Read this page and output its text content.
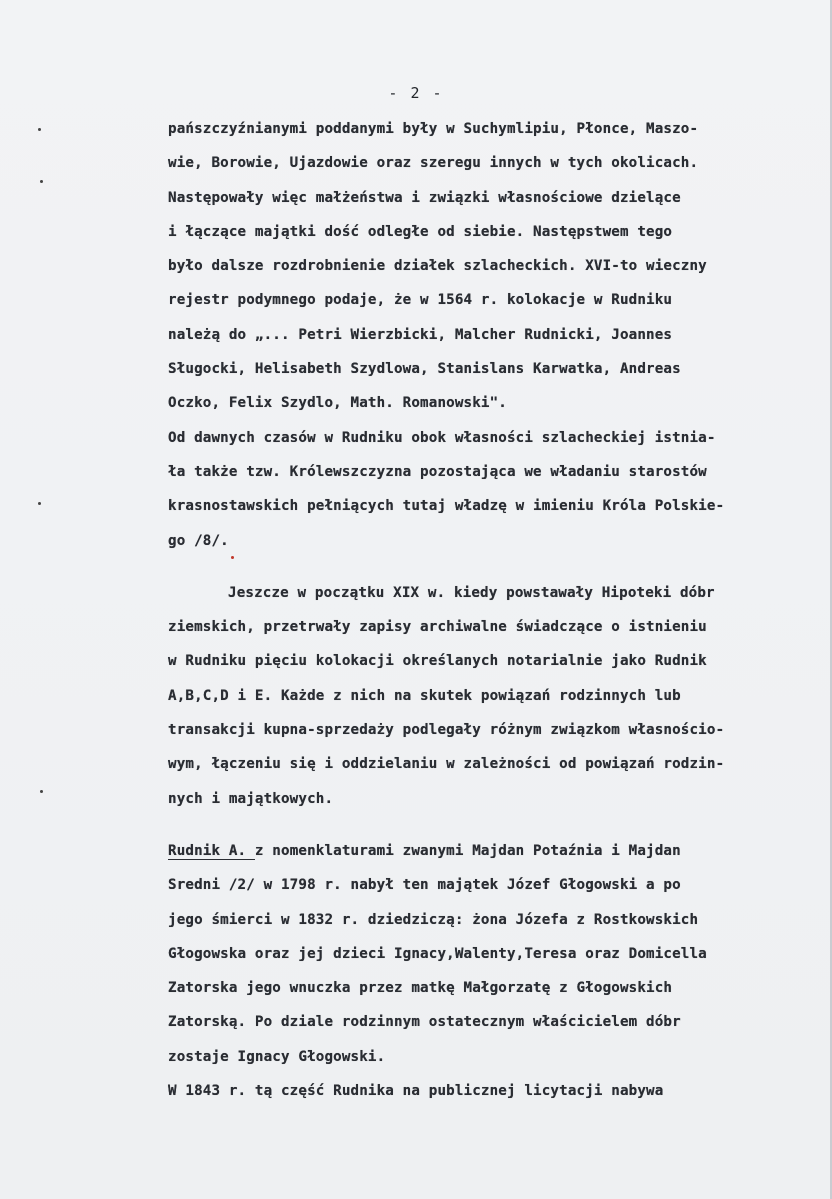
- 2 -
pańszczyźnianymi poddanymi były w Suchymlipiu, Płonce, Maszo-
wie, Borowie, Ujazdowie oraz szeregu innych w tych okolicach.
Następowały więc małżeństwa i związki własnościowe dzielące
i łączące majątki dość odległe od siebie. Następstwem tego
było dalsze rozdrobnienie działek szlacheckich. XVI-to wieczny
rejestr podymnego podaje, że w 1564 r. kolokacje w Rudniku
należą do „... Petri Wierzbicki, Malcher Rudnicki, Joannes
Sługocki, Helisabeth Szydlowa, Stanislans Karwatka, Andreas
Oczko, Felix Szydlo, Math. Romanowski".
Od dawnych czasów w Rudniku obok własności szlacheckiej istnia-
ła także tzw. Królewszczyzna pozostająca we władaniu starostów
krasnostawskich pełniących tutaj władzę w imieniu Króla Polskie-
go /8/.
Jeszcze w początku XIX w. kiedy powstawały Hipoteki dóbr
ziemskich, przetrwały zapisy archiwalne świadczące o istnieniu
w Rudniku pięciu kolokacji określanych notarialnie jako Rudnik
A,B,C,D i E. Każde z nich na skutek powiązań rodzinnych lub
transakcji kupna-sprzedaży podlegały różnym związkom własnościo-
wym, łączeniu się i oddzielaniu w zależności od powiązań rodzin-
nych i majątkowych.
Rudnik A. z nomenklaturami zwanymi Majdan Potaźnia i Majdan
Sredni /2/ w 1798 r. nabył ten majątek Józef Głogowski a po
jego śmierci w 1832 r. dziedziczą: żona Józefa z Rostkowskich
Głogowska oraz jej dzieci Ignacy,Walenty,Teresa oraz Domicella
Zatorska jego wnuczka przez matkę Małgorzatę z Głogowskich
Zatorską. Po dziale rodzinnym ostatecznym właścicielem dóbr
zostaje Ignacy Głogowski.
W 1843 r. tą część Rudnika na publicznej licytacji nabywa
